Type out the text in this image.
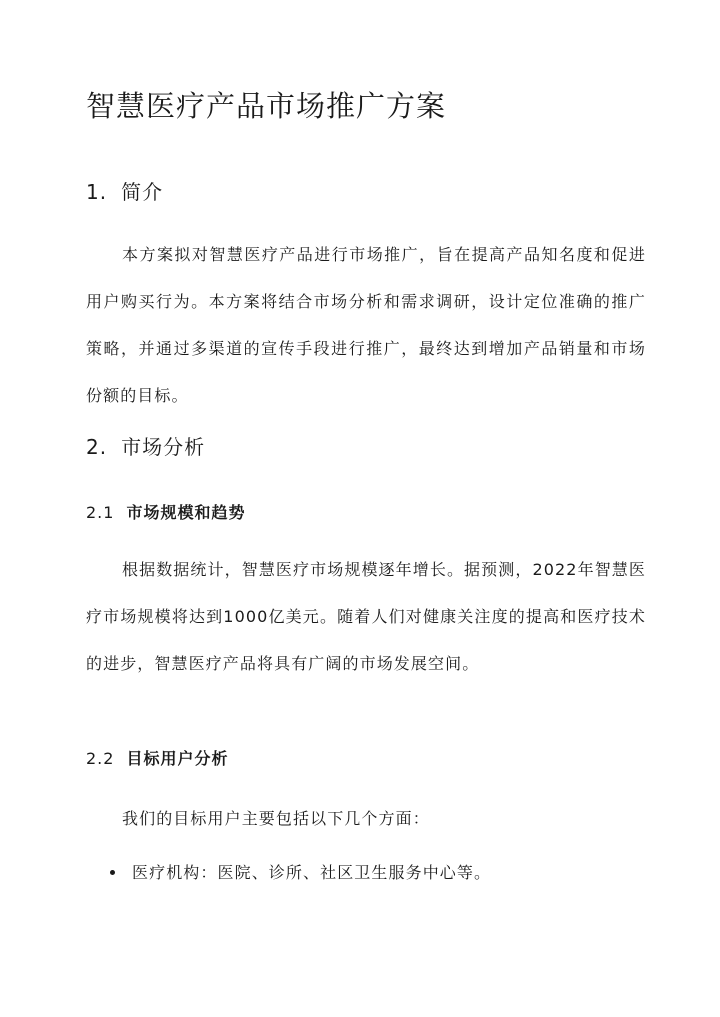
智慧医疗产品市场推广方案
1. 简介

本方案拟对智慧医疗产品进行市场推广，旨在提高产品知名度和促进用户购买行为。本方案将结合市场分析和需求调研，设计定位准确的推广策略，并通过多渠道的宣传手段进行推广，最终达到增加产品销量和市场份额的目标。

2. 市场分析
2.1 市场规模和趋势

根据数据统计，智慧医疗市场规模逐年增长。据预测，2022年智慧医疗市场规模将达到1000亿美元。随着人们对健康关注度的提高和医疗技术的进步，智慧医疗产品将具有广阔的市场发展空间。

2.2 目标用户分析

我们的目标用户主要包括以下几个方面：

医疗机构：医院、诊所、社区卫生服务中心等。
